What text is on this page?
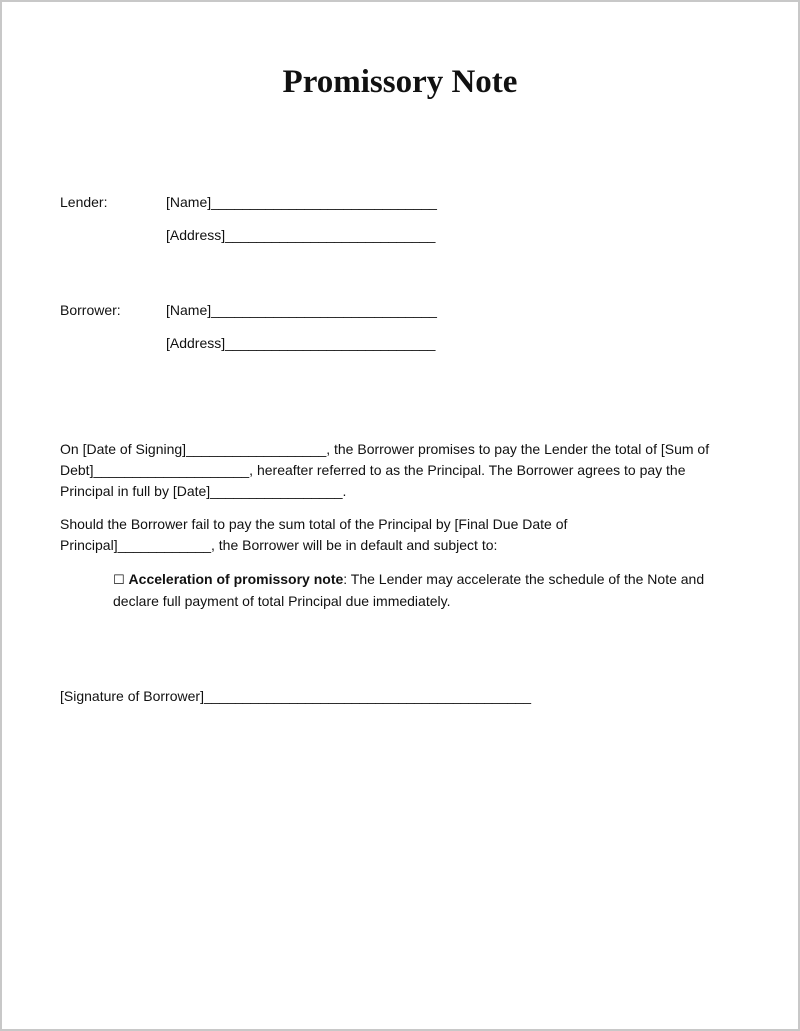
Promissory Note
Lender:	[Name]_____________________________
[Address]___________________________
Borrower:	[Name]_____________________________
[Address]___________________________
On [Date of Signing]__________________, the Borrower promises to pay the Lender the total of [Sum of
Debt]____________________, hereafter referred to as the Principal. The Borrower agrees to pay the
Principal in full by [Date]_________________.
Should the Borrower fail to pay the sum total of the Principal by [Final Due Date of
Principal]____________, the Borrower will be in default and subject to:
☐ Acceleration of promissory note: The Lender may accelerate the schedule of the Note and
declare full payment of total Principal due immediately.
[Signature of Borrower]__________________________________________
